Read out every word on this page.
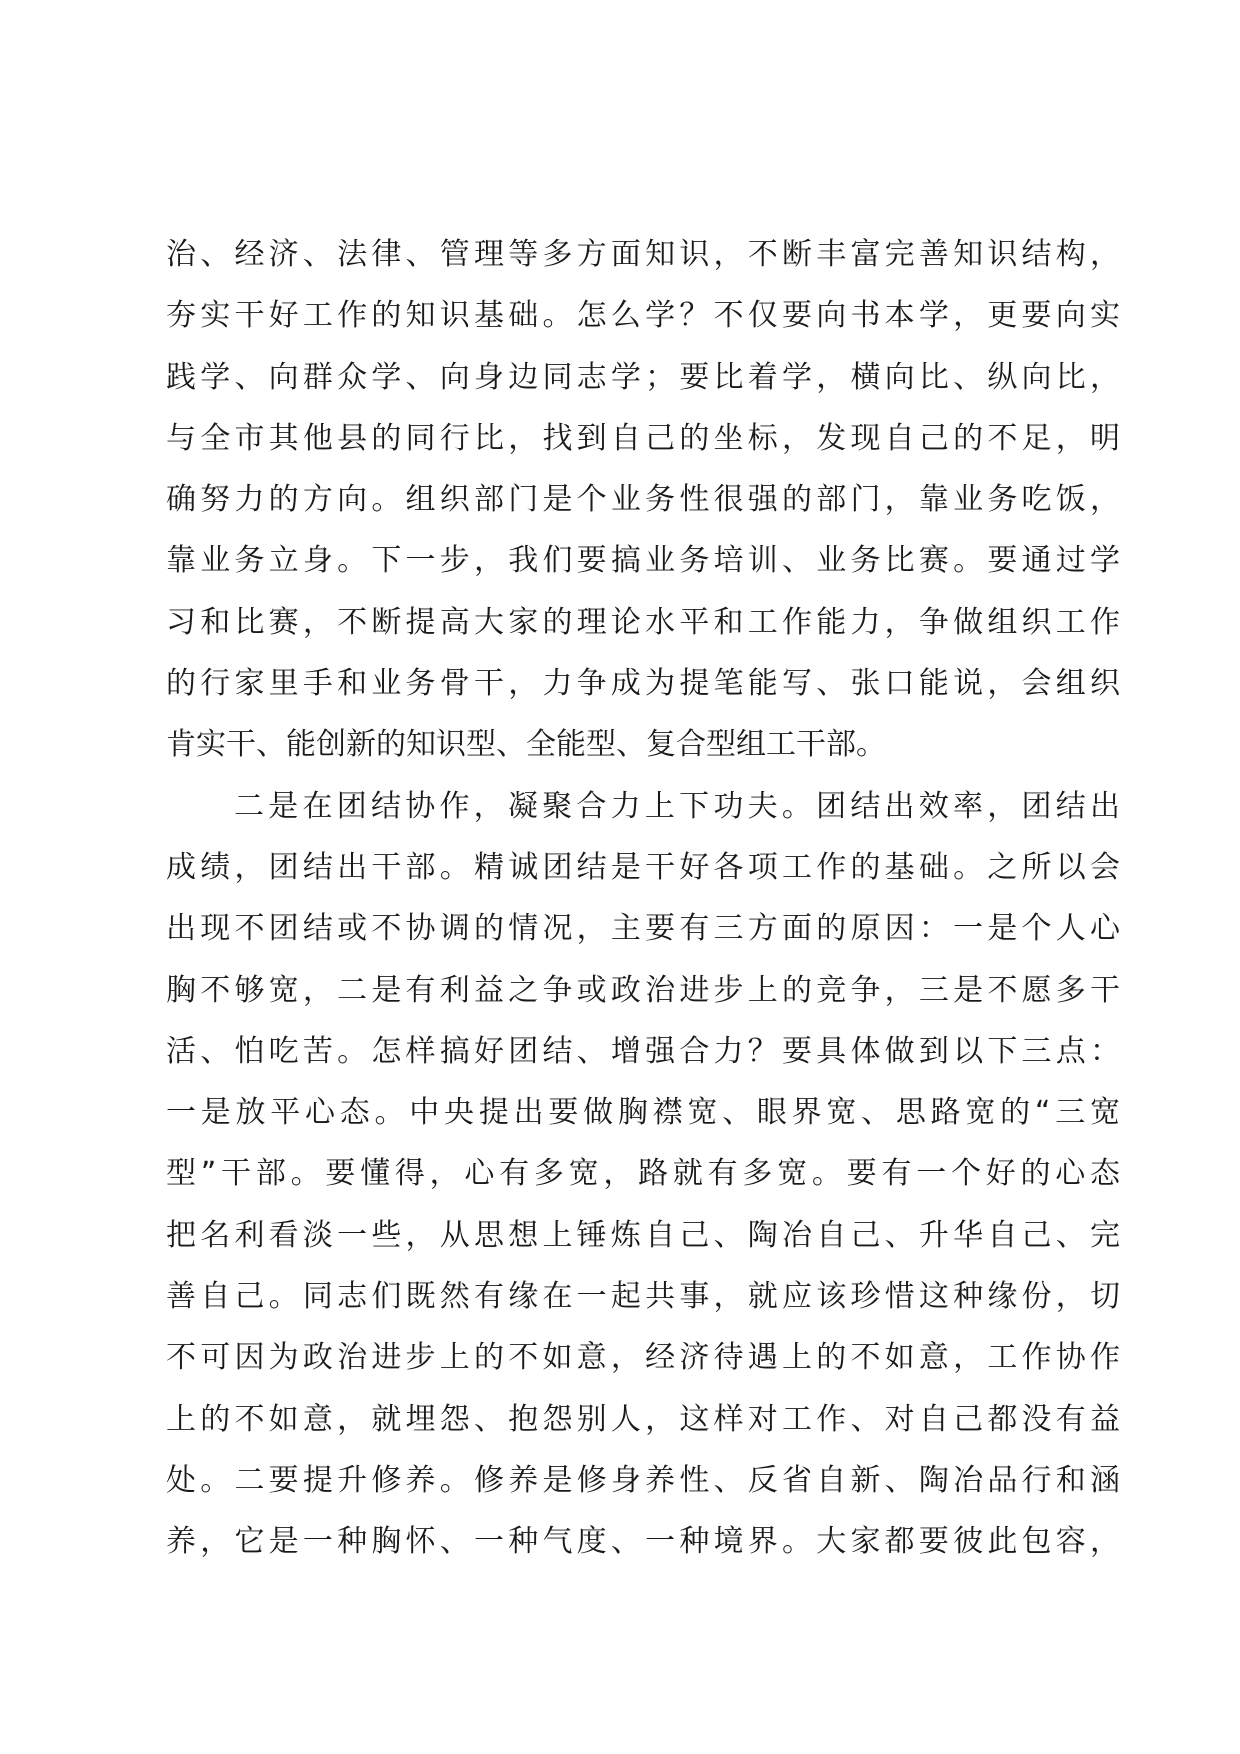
治、经济、法律、管理等多方面知识，不断丰富完善知识结构，
夯实干好工作的知识基础。怎么学？不仅要向书本学，更要向实
践学、向群众学、向身边同志学；要比着学，横向比、纵向比，
与全市其他县的同行比，找到自己的坐标，发现自己的不足，明
确努力的方向。组织部门是个业务性很强的部门，靠业务吃饭，
靠业务立身。下一步，我们要搞业务培训、业务比赛。要通过学
习和比赛，不断提高大家的理论水平和工作能力，争做组织工作
的行家里手和业务骨干，力争成为提笔能写、张口能说，会组织
肯实干、能创新的知识型、全能型、复合型组工干部。
二是在团结协作，凝聚合力上下功夫。团结出效率，团结出
成绩，团结出干部。精诚团结是干好各项工作的基础。之所以会
出现不团结或不协调的情况，主要有三方面的原因：一是个人心
胸不够宽，二是有利益之争或政治进步上的竞争，三是不愿多干
活、怕吃苦。怎样搞好团结、增强合力？要具体做到以下三点：
一是放平心态。中央提出要做胸襟宽、眼界宽、思路宽的“三宽
型”干部。要懂得，心有多宽，路就有多宽。要有一个好的心态
把名利看淡一些，从思想上锤炼自己、陶冶自己、升华自己、完
善自己。同志们既然有缘在一起共事，就应该珍惜这种缘份，切
不可因为政治进步上的不如意，经济待遇上的不如意，工作协作
上的不如意，就埋怨、抱怨别人，这样对工作、对自己都没有益
处。二要提升修养。修养是修身养性、反省自新、陶冶品行和涵
养，它是一种胸怀、一种气度、一种境界。大家都要彼此包容，
